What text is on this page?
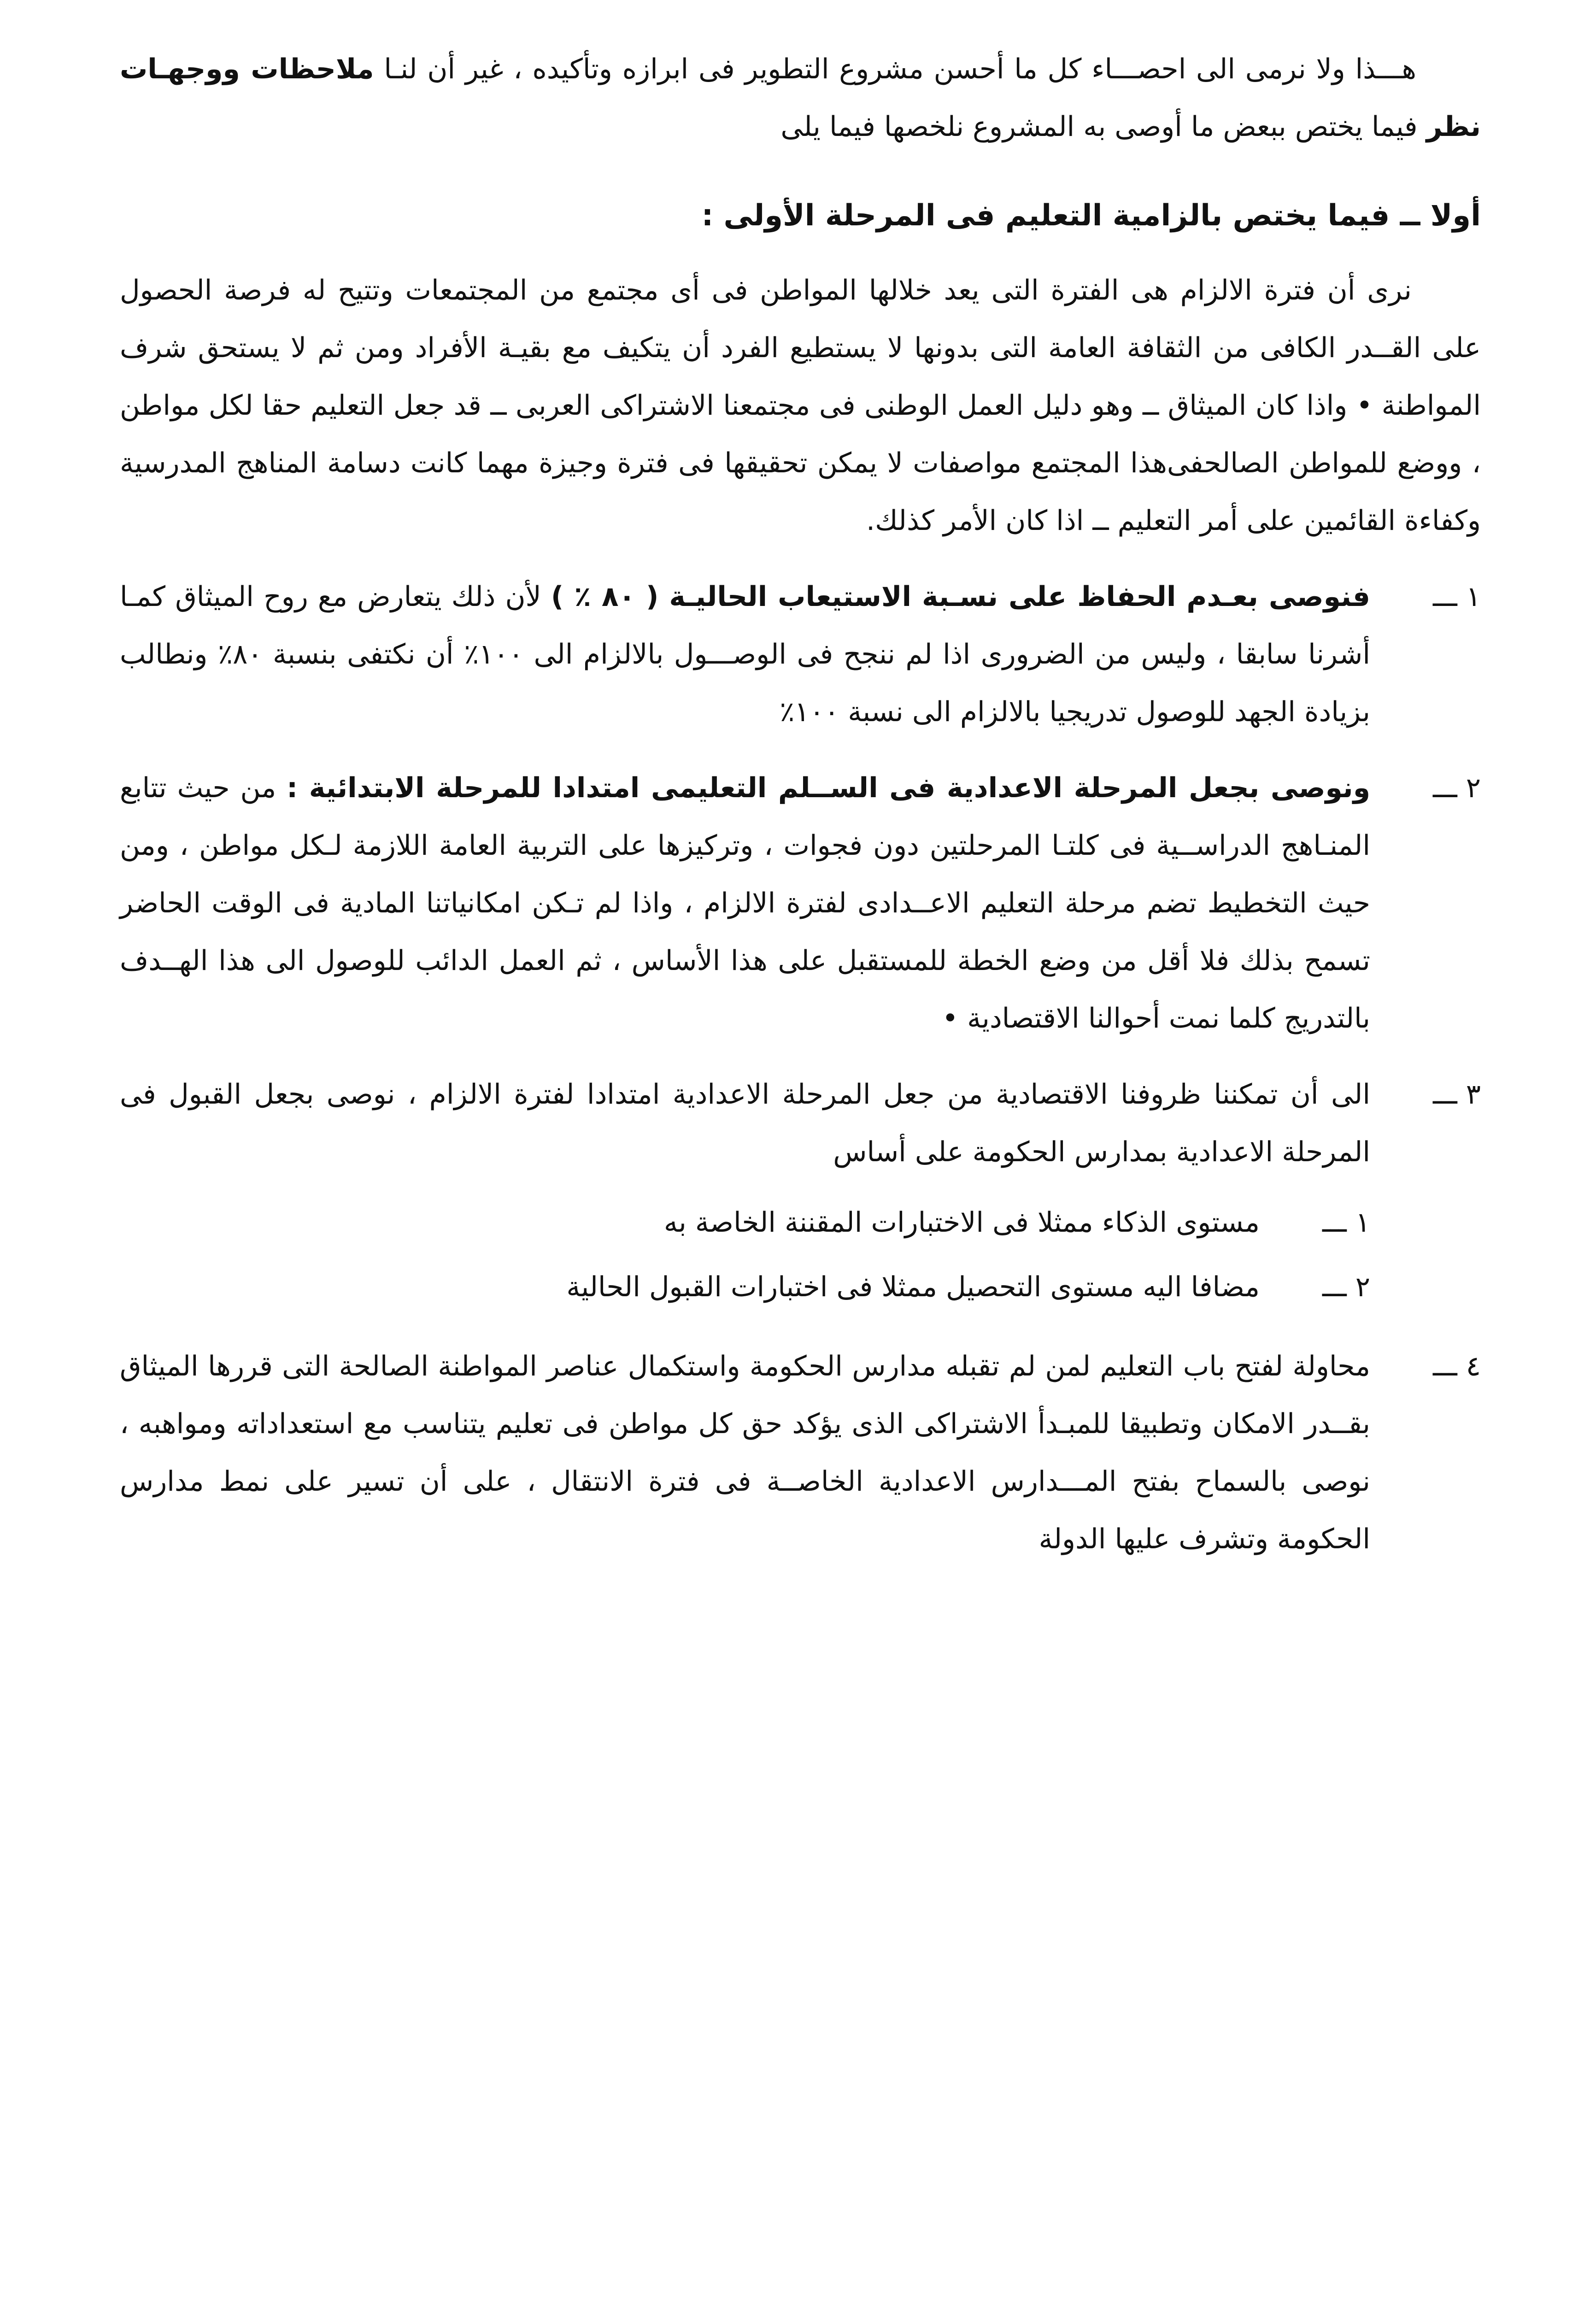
هـــذا ولا نرمى الى احصـــاء كل ما أحسن مشروع التطوير فى ابرازه وتأكيده ، غير أن لنـا ملاحظات ووجهـات نظر فيما يختص ببعض ما أوصى به المشروع نلخصها فيما يلى

أولا ــ فيما يختص بالزامية التعليم فى المرحلة الأولى :

نرى أن فترة الالزام هى الفترة التى يعد خلالها المواطن فى أى مجتمع من المجتمعات وتتيح له فرصة الحصول على القــدر الكافى من الثقافة العامة التى بدونها لا يستطيع الفرد أن يتكيف مع بقيـة الأفراد ومن ثم لا يستحق شرف المواطنة • واذا كان الميثاق ــ وهو دليل العمل الوطنى فى مجتمعنا الاشتراكى العربى ــ قد جعل التعليم حقا لكل مواطن ، ووضع للمواطن الصالحفى‌هذا المجتمع مواصفات لا يمكن تحقيقها فى فترة وجيزة مهما كانت دسامة المناهج المدرسية وكفاءة القائمين على أمر التعليم ــ اذا كان الأمر كذلك.

١ ـــ
فنوصى بعـدم الحفاظ على نسـبة الاستيعاب الحاليـة ( ٨٠ ٪ ) لأن ذلك يتعارض مع روح الميثاق كمـا أشرنا سابقا ، وليس من الضرورى اذا لم ننجح فى الوصـــول بالالزام الى ١٠٠٪ أن نكتفى بنسبة ٨٠٪ ونطالب بزيادة الجهد للوصول تدريجيا بالالزام الى نسبة ١٠٠٪
٢ ـــ
ونوصى بجعل المرحلة الاعدادية فى الســلم التعليمى امتدادا للمرحلة الابتدائية : من حيث تتابع المنـاهج الدراســية فى كلتـا المرحلتين دون فجوات ، وتركيزها على التربية العامة اللازمة لـكل مواطن ، ومن حيث التخطيط تضم مرحلة التعليم الاعــدادى لفترة الالزام ، واذا لم تـكن امكانياتنا المادية فى الوقت الحاضر تسمح بذلك فلا أقل من وضع الخطة للمستقبل على هذا الأساس ، ثم العمل الدائب للوصول الى هذا الهــدف بالتدريج كلما نمت أحوالنا الاقتصادية •
٣ ـــ
الى أن تمكننا ظروفنا الاقتصادية من جعل المرحلة الاعدادية امتدادا لفترة الالزام ، نوصى بجعل القبول فى المرحلة الاعدادية بمدارس الحكومة على أساس
١ ـــ
مستوى الذكاء ممثلا فى الاختبارات المقننة الخاصة به
٢ ـــ
مضافا اليه مستوى التحصيل ممثلا فى اختبارات القبول الحالية
٤ ـــ
محاولة لفتح باب التعليم لمن لم تقبله مدارس الحكومة واستكمال عناصر المواطنة الصالحة التى قررها الميثاق بقــدر الامكان وتطبيقا للمبـدأ الاشتراكى الذى يؤكد حق كل مواطن فى تعليم يتناسب مع استعداداته ومواهبه ، نوصى بالسماح بفتح المـــدارس الاعدادية الخاصــة فى فترة الانتقال ، على أن تسير على نمط مدارس الحكومة وتشرف عليها الدولة
